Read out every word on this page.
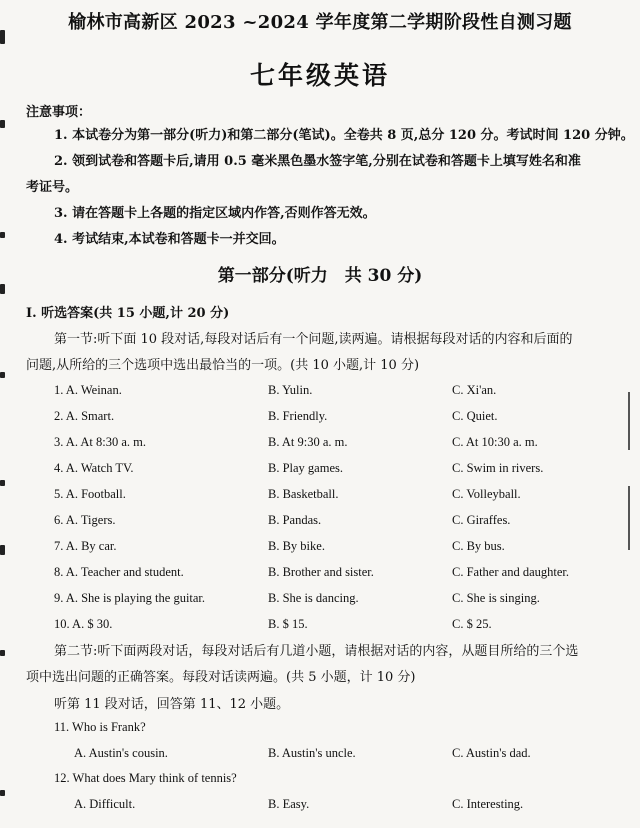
榆林市高新区 2023 ~2024 学年度第二学期阶段性自测习题
七年级英语
注意事项：
1. 本试卷分为第一部分(听力)和第二部分(笔试)。全卷共 8 页,总分 120 分。考试时间 120 分钟。
2. 领到试卷和答题卡后,请用 0.5 毫米黑色墨水签字笔,分别在试卷和答题卡上填写姓名和准
考证号。
3. 请在答题卡上各题的指定区域内作答,否则作答无效。
4. 考试结束,本试卷和答题卡一并交回。
第一部分(听力　共 30 分)
Ⅰ. 听选答案(共 15 小题,计 20 分)
第一节:听下面 10 段对话,每段对话后有一个问题,读两遍。请根据每段对话的内容和后面的
问题,从所给的三个选项中选出最恰当的一项。(共 10 小题,计 10 分)
1. A. Weinan.	B. Yulin.	C. Xi'an.
2. A. Smart.	B. Friendly.	C. Quiet.
3. A. At 8:30 a. m.	B. At 9:30 a. m.	C. At 10:30 a. m.
4. A. Watch TV.	B. Play games.	C. Swim in rivers.
5. A. Football.	B. Basketball.	C. Volleyball.
6. A. Tigers.	B. Pandas.	C. Giraffes.
7. A. By car.	B. By bike.	C. By bus.
8. A. Teacher and student.	B. Brother and sister.	C. Father and daughter.
9. A. She is playing the guitar.	B. She is dancing.	C. She is singing.
10. A. $ 30.	B. $ 15.	C. $ 25.
第二节:听下面两段对话，每段对话后有几道小题，请根据对话的内容，从题目所给的三个选
项中选出问题的正确答案。每段对话读两遍。(共 5 小题，计 10 分)
听第 11 段对话，回答第 11、12 小题。
11. Who is Frank?
A. Austin's cousin.	B. Austin's uncle.	C. Austin's dad.
12. What does Mary think of tennis?
A. Difficult.	B. Easy.	C. Interesting.
